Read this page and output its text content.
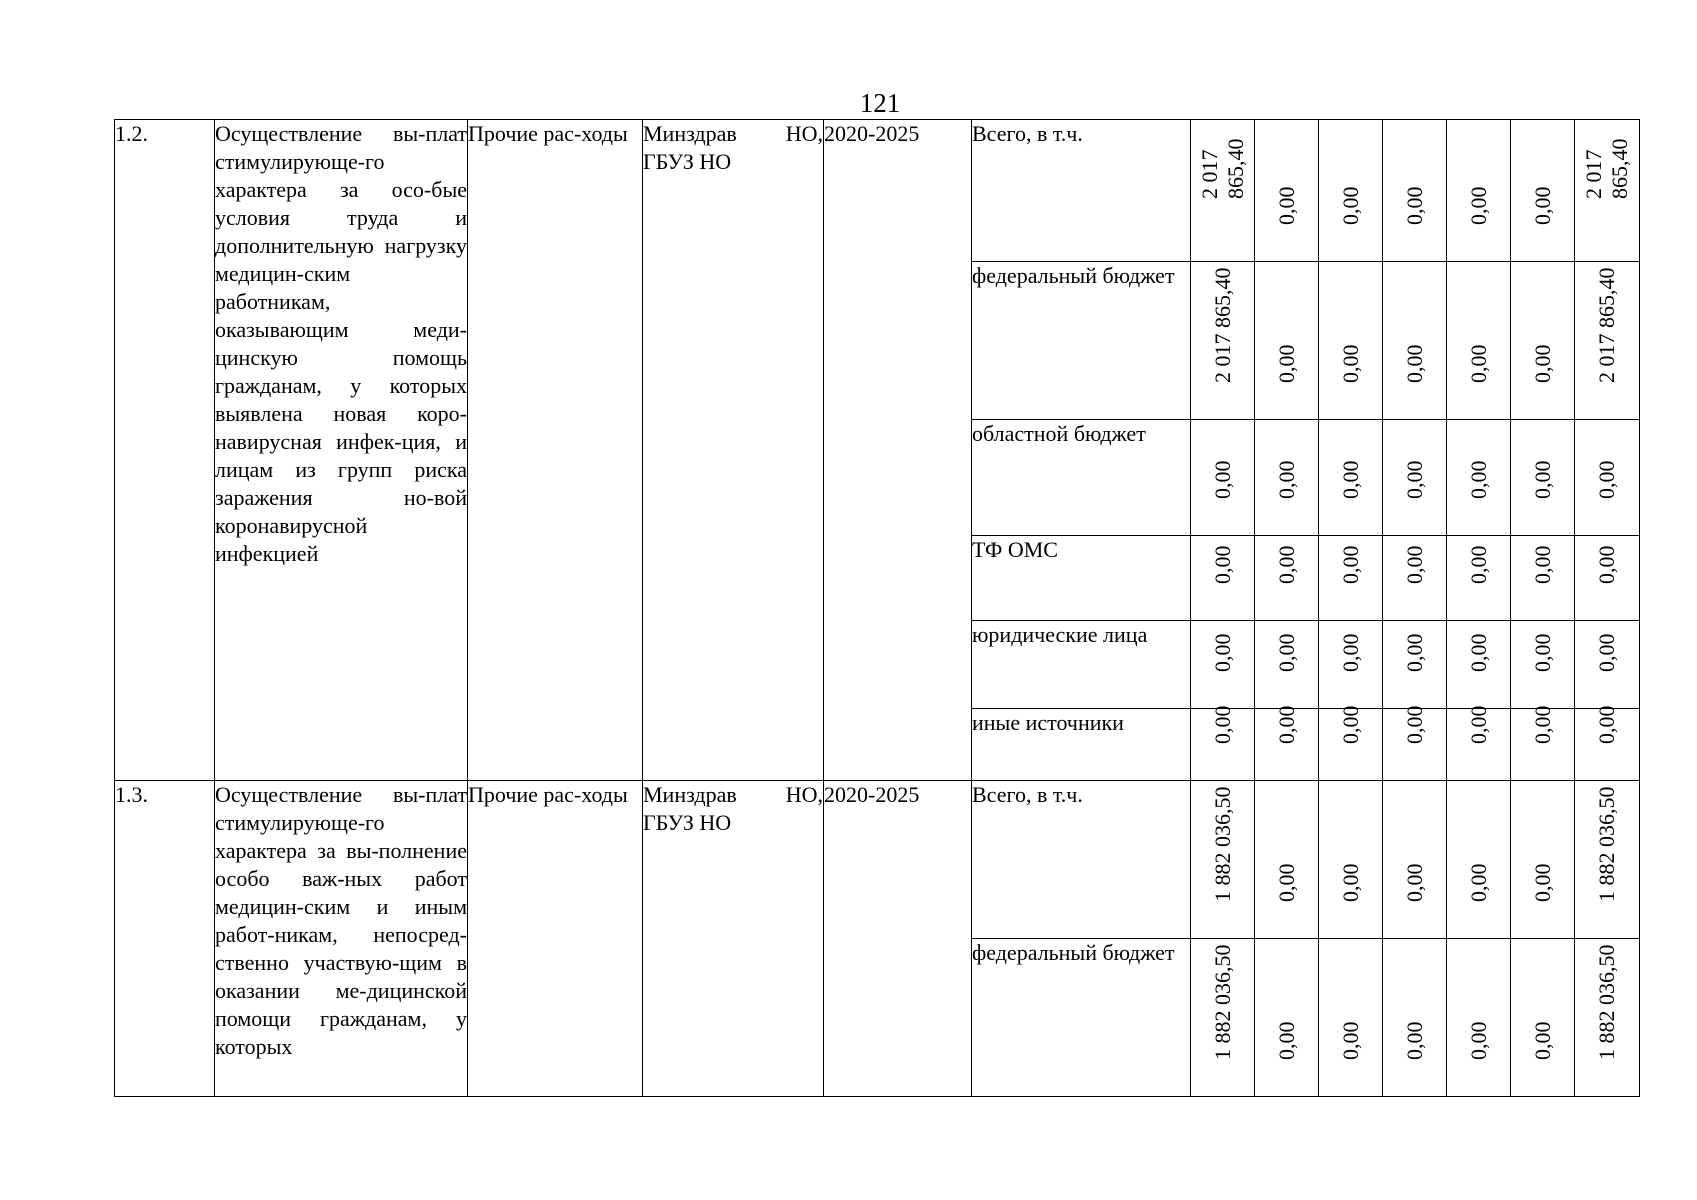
121
1.2.	Осуществление вы-плат стимулирующе-го характера за осо-бые условия труда и дополнительную нагрузку медицин-ским работникам, оказывающим меди-цинскую помощь гражданам, у которых выявлена новая коро-навирусная инфек-ция, и лицам из групп риска заражения но-вой коронавирусной инфекцией	Прочие рас-ходы	Минздрав НО, ГБУЗ НО	2020-2025	Всего, в т.ч.	2 017 865,40	0,00	0,00	0,00	0,00	0,00	2 017 865,40

					федеральный бюджет	2 017 865,40	0,00	0,00	0,00	0,00	0,00	2 017 865,40

					областной бюджет	0,00	0,00	0,00	0,00	0,00	0,00	0,00

					ТФ ОМС	0,00	0,00	0,00	0,00	0,00	0,00	0,00

					юридические лица	0,00	0,00	0,00	0,00	0,00	0,00	0,00

					иные источники	0,00	0,00	0,00	0,00	0,00	0,00	0,00

1.3.	Осуществление вы-плат стимулирующе-го характера за вы-полнение особо важ-ных работ медицин-ским и иным работ-никам, непосред-ственно участвую-щим в оказании ме-дицинской помощи гражданам, у которых	Прочие рас-ходы	Минздрав НО, ГБУЗ НО	2020-2025	Всего, в т.ч.	1 882 036,50	0,00	0,00	0,00	0,00	0,00	1 882 036,50

					федеральный бюджет	1 882 036,50	0,00	0,00	0,00	0,00	0,00	1 882 036,50
